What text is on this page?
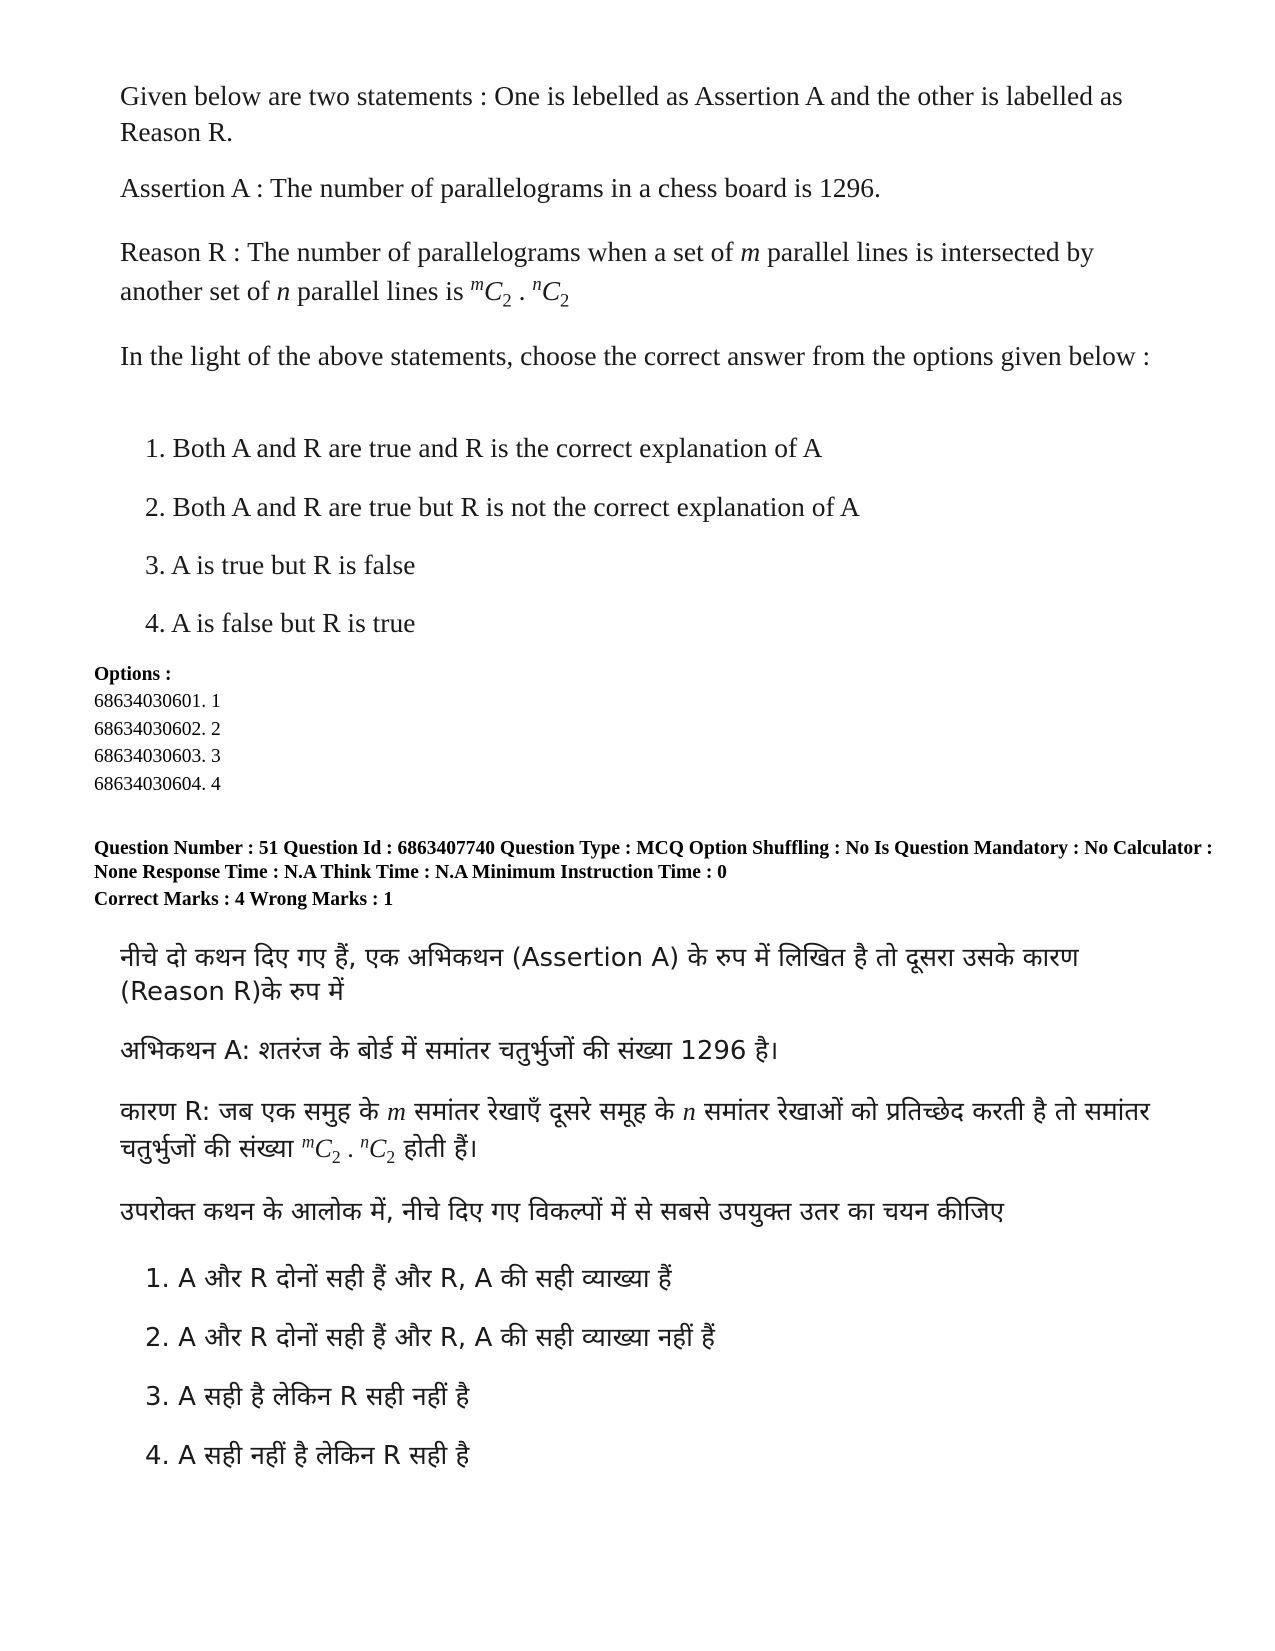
Given below are two statements : One is lebelled as Assertion A and the other is labelled as Reason R.

Assertion A : The number of parallelograms in a chess board is 1296.

Reason R : The number of parallelograms when a set of m parallel lines is intersected by another set of n parallel lines is $^mC_2$ . $^nC_2$

In the light of the above statements, choose the correct answer from the options given below :

1. Both A and R are true and R is the correct explanation of A
2. Both A and R are true but R is not the correct explanation of A
3. A is true but R is false
4. A is false but R is true
Options :
68634030601. 1
68634030602. 2
68634030603. 3
68634030604. 4
Question Number : 51 Question Id : 6863407740 Question Type : MCQ Option Shuffling : No Is Question Mandatory : No Calculator : None Response Time : N.A Think Time : N.A Minimum Instruction Time : 0
Correct Marks : 4 Wrong Marks : 1

नीचे दो कथन दिए गए हैं, एक अभिकथन (Assertion A) के रुप में लिखित है तो दूसरा उसके कारण (Reason R)के रुप में

अभिकथन A: शतरंज के बोर्ड में समांतर चतुर्भुजों की संख्या 1296 है।

कारण R: जब एक समुह के m समांतर रेखाएँ दूसरे समूह के n समांतर रेखाओं को प्रतिच्छेद करती है तो समांतर चतुर्भुजों की संख्या $^mC_2$ . $^nC_2$ होती हैं।

उपरोक्त कथन के आलोक में, नीचे दिए गए विकल्पों में से सबसे उपयुक्त उतर का चयन कीजिए

1. A और R दोनों सही हैं और R, A की सही व्याख्या हैं
2. A और R दोनों सही हैं और R, A की सही व्याख्या नहीं हैं
3. A सही है लेकिन R सही नहीं है
4. A सही नहीं है लेकिन R सही है
